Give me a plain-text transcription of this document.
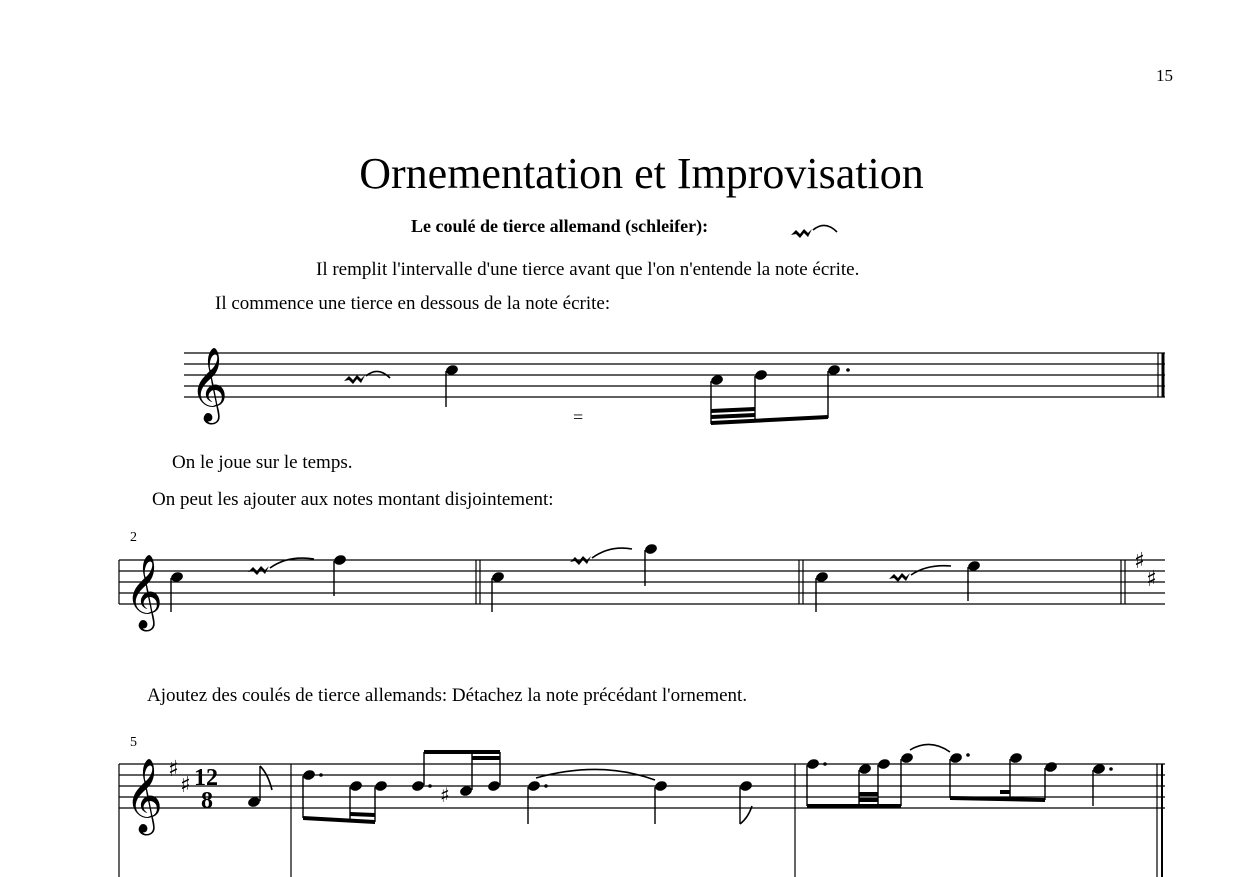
15
Ornementation et Improvisation
Le coulé de tierce allemand (schleifer):
Il remplit l'intervalle d'une tierce avant que l'on n'entende la note écrite.
Il commence une tierce en dessous de la note écrite:
On le joue sur le temps.
On peut les ajouter aux notes montant disjointement:
Ajoutez des coulés de tierce allemands: Détachez la note précédant l'ornement.
𝄞	=
2
𝄞	♯
♯
5
𝄞 ♯
♯ 12
8	♯
